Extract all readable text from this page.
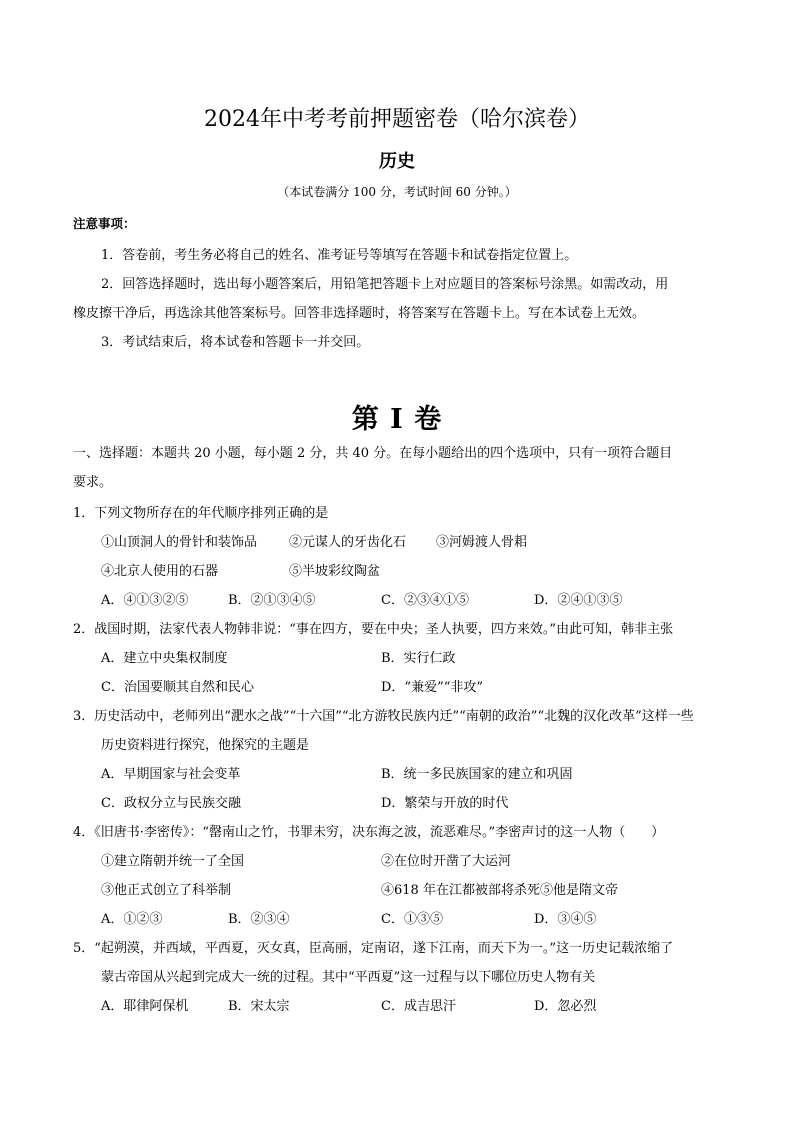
2024年中考考前押题密卷（哈尔滨卷）
历史
（本试卷满分 100 分，考试时间 60 分钟。）
注意事项：
1．答卷前，考生务必将自己的姓名、准考证号等填写在答题卡和试卷指定位置上。
2．回答选择题时，选出每小题答案后，用铅笔把答题卡上对应题目的答案标号涂黑。如需改动，用
橡皮擦干净后，再选涂其他答案标号。回答非选择题时，将答案写在答题卡上。写在本试卷上无效。
3．考试结束后，将本试卷和答题卡一并交回。
第 I 卷
一、选择题：本题共 20 小题，每小题 2 分，共 40 分。在每小题给出的四个选项中，只有一项符合题目
要求。
1．下列文物所存在的年代顺序排列正确的是
①山顶洞人的骨针和装饰品 ②元谋人的牙齿化石 ③河姆渡人骨耜
④北京人使用的石器	⑤半坡彩纹陶盆
A．④①③②⑤	B．②①③④⑤	C．②③④①⑤	D．②④①③⑤
2．战国时期，法家代表人物韩非说：“事在四方，要在中央；圣人执要，四方来效。”由此可知，韩非主张
A．建立中央集权制度	B．实行仁政
C．治国要顺其自然和民心	D．“兼爱”“非攻”
3．历史活动中，老师列出“淝水之战”“十六国”“北方游牧民族内迁”“南朝的政治”“北魏的汉化改革”这样一些
历史资料进行探究，他探究的主题是
A．早期国家与社会变革	B．统一多民族国家的建立和巩固
C．政权分立与民族交融	D．繁荣与开放的时代
4．《旧唐书·李密传》：“罄南山之竹，书罪未穷，决东海之波，流恶难尽。”李密声讨的这一人物（　　）
①建立隋朝并统一了全国	②在位时开凿了大运河
③他正式创立了科举制	④618 年在江都被部将杀死⑤他是隋文帝
A．①②③	B．②③④	C．①③⑤	D．③④⑤
5．“起朔漠，并西域，平西夏，灭女真，臣高丽，定南诏，遂下江南，而天下为一。”这一历史记载浓缩了
蒙古帝国从兴起到完成大一统的过程。其中“平西夏”这一过程与以下哪位历史人物有关
A．耶律阿保机	B．宋太宗	C．成吉思汗	D．忽必烈
